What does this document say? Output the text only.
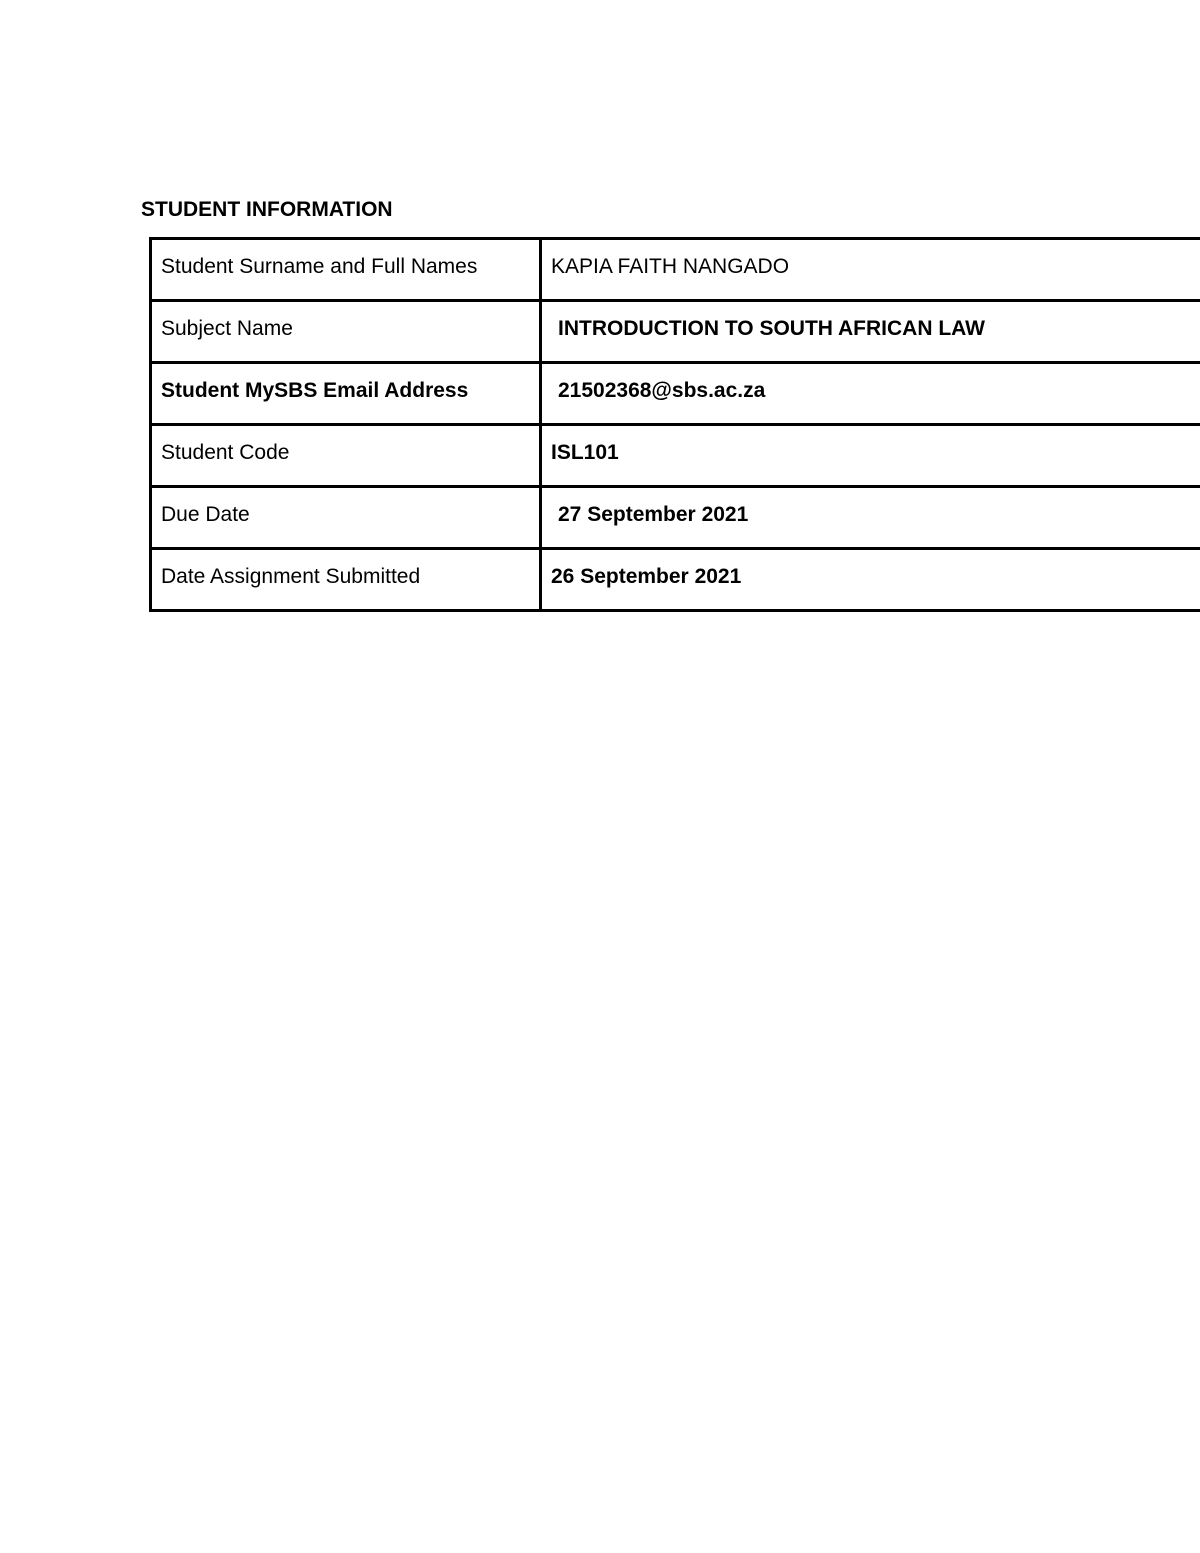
STUDENT INFORMATION
Student Surname and Full Names	KAPIA FAITH NANGADO
Subject Name	INTRODUCTION TO SOUTH AFRICAN LAW
Student MySBS Email Address	21502368@sbs.ac.za
Student Code	ISL101
Due Date	27 September 2021
Date Assignment Submitted	26 September 2021
